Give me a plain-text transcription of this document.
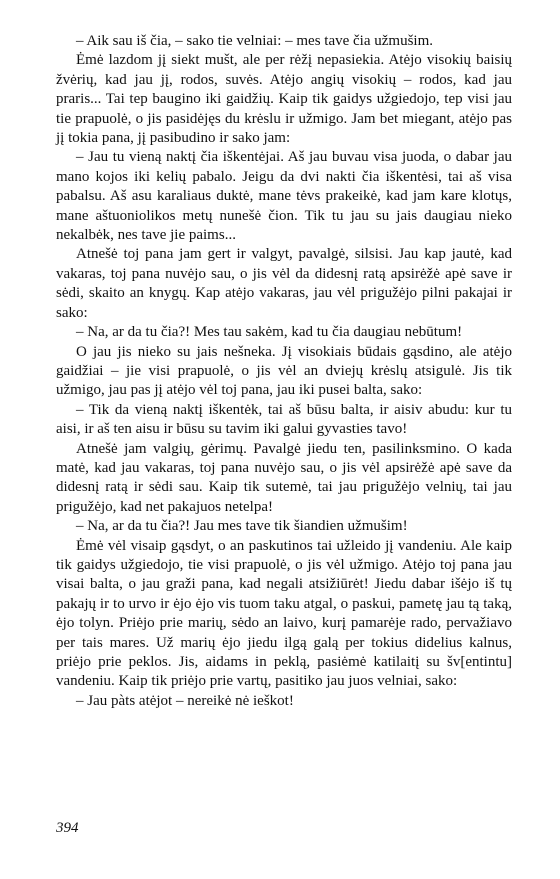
– Aik sau iš čia, – sako tie velniai: – mes tave čia užmušim.

Ėmė lazdom jį siekt mušt, ale per rėžį nepasiekia. Atėjo visokių baisių žvėrių, kad jau jį, rodos, suvės. Atėjo angių visokių – rodos, kad jau praris... Tai tep baugino iki gaidžių. Kaip tik gaidys užgiedojo, tep visi jau tie prapuolė, o jis pasidėjęs du krėslu ir užmigo. Jam bet miegant, atėjo pas jį tokia pana, jį pasibudino ir sako jam:

– Jau tu vieną naktį čia iškentėjai. Aš jau buvau visa juoda, o dabar jau mano kojos iki kelių pabalo. Jeigu da dvi nakti čia iškentėsi, tai aš visa pabalsu. Aš asu karaliaus duktė, mane tėvs prakeikė, kad jam kare klotųs, mane aštuoniolikos metų nunešė čion. Tik tu jau su jais daugiau nieko nekalbėk, nes tave jie paims...

Atnešė toj pana jam gert ir valgyt, pavalgė, silsisi. Jau kap jautė, kad vakaras, toj pana nuvėjo sau, o jis vėl da didesnį ratą apsirėžė apė save ir sėdi, skaito an knygų. Kap atėjo vakaras, jau vėl prigužėjo pilni pakajai ir sako:

– Na, ar da tu čia?! Mes tau sakėm, kad tu čia daugiau nebūtum!

O jau jis nieko su jais nešneka. Jį visokiais būdais gąsdino, ale atėjo gaidžiai – jie visi prapuolė, o jis vėl an dviejų krėslų atsigulė. Jis tik užmigo, jau pas jį atėjo vėl toj pana, jau iki pusei balta, sako:

– Tik da vieną naktį iškentėk, tai aš būsu balta, ir aisiv abudu: kur tu aisi, ir aš ten aisu ir būsu su tavim iki galui gyvasties tavo!

Atnešė jam valgių, gėrimų. Pavalgė jiedu ten, pasilinksmino. O kada matė, kad jau vakaras, toj pana nuvėjo sau, o jis vėl apsirėžė apė save da didesnį ratą ir sėdi sau. Kaip tik sutemė, tai jau prigužėjo velnių, tai jau prigužėjo, kad net pakajuos netelpa!

– Na, ar da tu čia?! Jau mes tave tik šiandien užmušim!

Ėmė vėl visaip gąsdyt, o an paskutinos tai užleido jį vandeniu. Ale kaip tik gaidys užgiedojo, tie visi prapuolė, o jis vėl užmigo. Atėjo toj pana jau visai balta, o jau graži pana, kad negali atsižiūrėt! Jiedu dabar išėjo iš tų pakajų ir to urvo ir ėjo ėjo vis tuom taku atgal, o paskui, pametę jau tą taką, ėjo tolyn. Priėjo prie marių, sėdo an laivo, kurį pamarėje rado, pervažiavo per tais mares. Už marių ėjo jiedu ilgą galą per tokius didelius kalnus, priėjo prie peklos. Jis, aidams in peklą, pasiėmė katilaitį su šv[entintu] vandeniu. Kaip tik priėjo prie vartų, pasitiko jau juos velniai, sako:

– Jau pàts atėjot – nereikė nė ieškot!

394
